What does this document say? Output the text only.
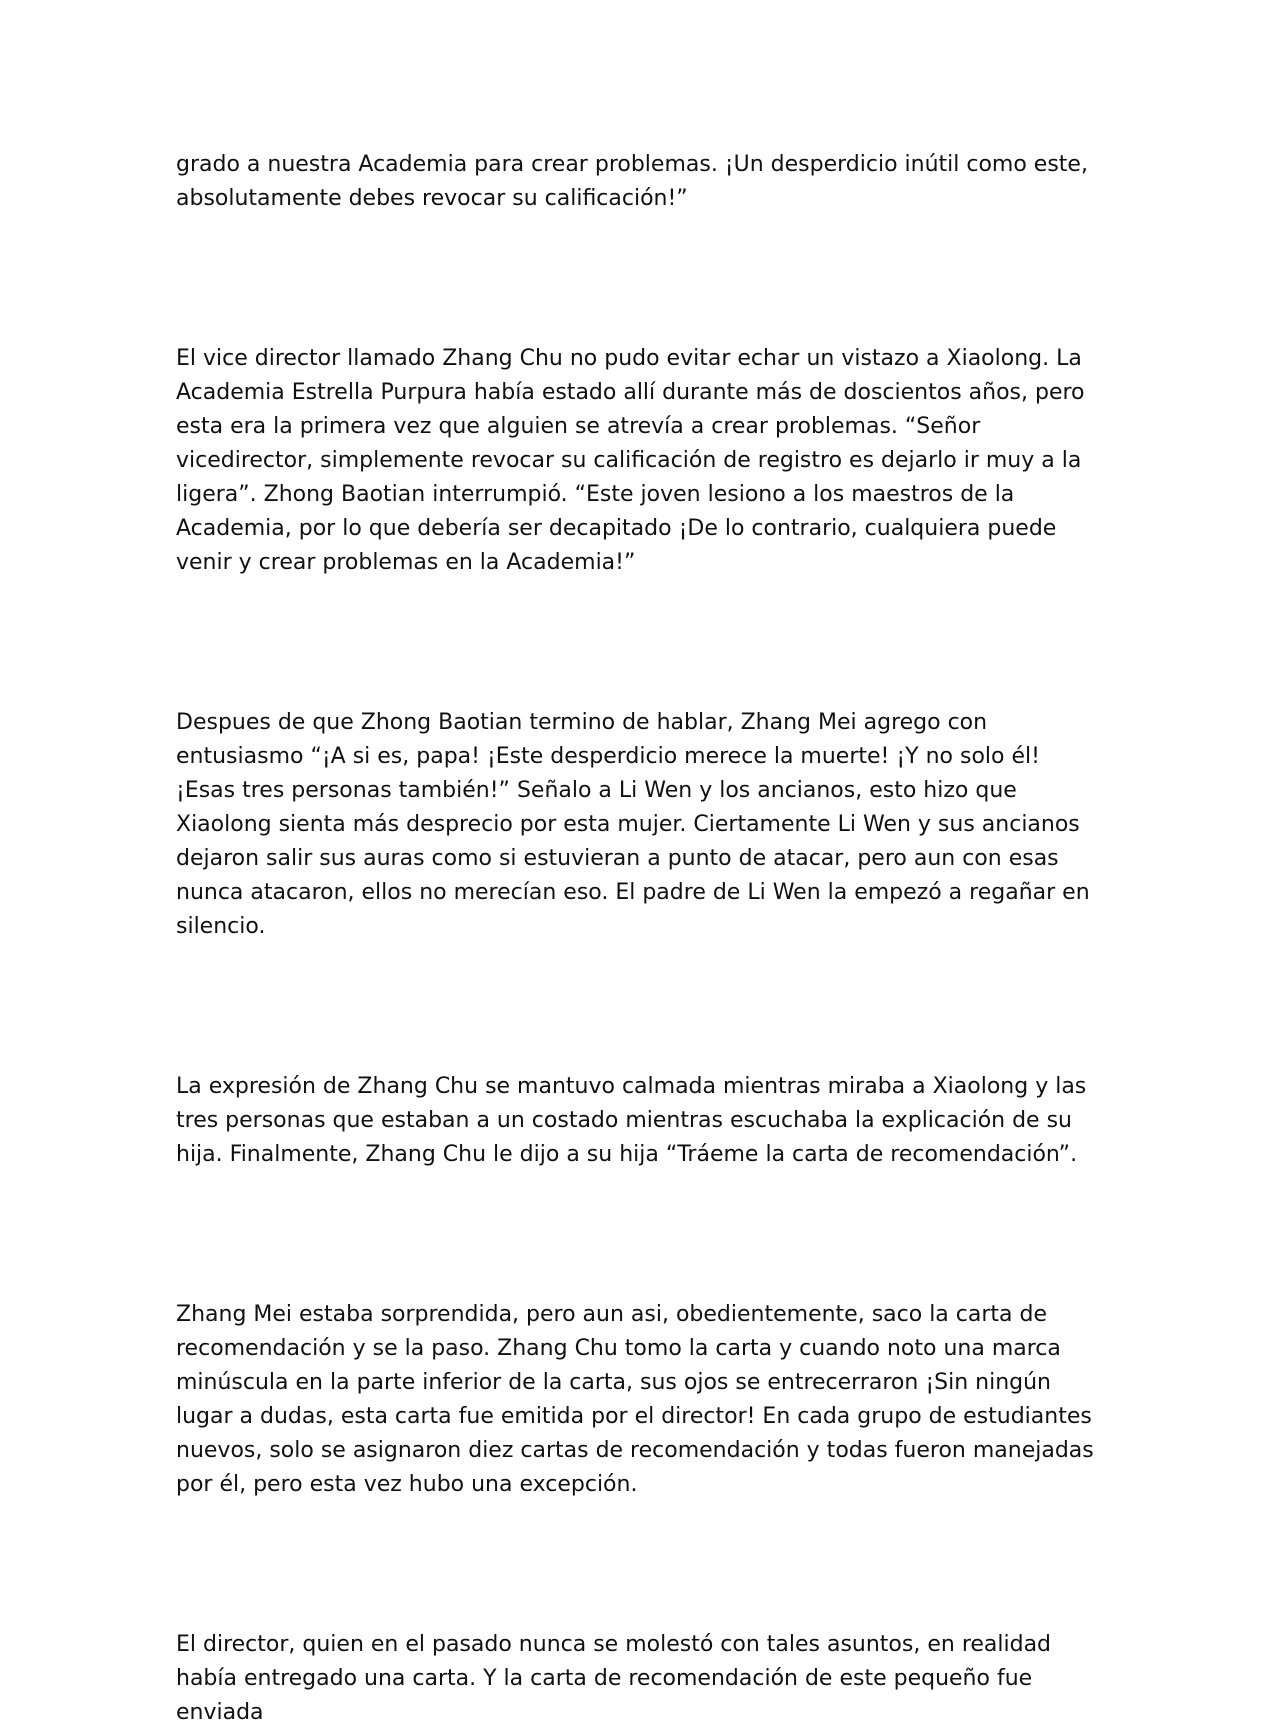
grado a nuestra Academia para crear problemas. ¡Un desperdicio inútil como este, absolutamente debes revocar su calificación!”

El vice director llamado Zhang Chu no pudo evitar echar un vistazo a Xiaolong. La Academia Estrella Purpura había estado allí durante más de doscientos años, pero esta era la primera vez que alguien se atrevía a crear problemas. “Señor vicedirector, simplemente revocar su calificación de registro es dejarlo ir muy a la ligera”. Zhong Baotian interrumpió. “Este joven lesiono a los maestros de la Academia, por lo que debería ser decapitado ¡De lo contrario, cualquiera puede venir y crear problemas en la Academia!”

Despues de que Zhong Baotian termino de hablar, Zhang Mei agrego con entusiasmo “¡A si es, papa! ¡Este desperdicio merece la muerte! ¡Y no solo él! ¡Esas tres personas también!” Señalo a Li Wen y los ancianos, esto hizo que Xiaolong sienta más desprecio por esta mujer. Ciertamente Li Wen y sus ancianos dejaron salir sus auras como si estuvieran a punto de atacar, pero aun con esas nunca atacaron, ellos no merecían eso. El padre de Li Wen la empezó a regañar en silencio.

La expresión de Zhang Chu se mantuvo calmada mientras miraba a Xiaolong y las tres personas que estaban a un costado mientras escuchaba la explicación de su hija. Finalmente, Zhang Chu le dijo a su hija “Tráeme la carta de recomendación”.

Zhang Mei estaba sorprendida, pero aun asi, obedientemente, saco la carta de recomendación y se la paso. Zhang Chu tomo la carta y cuando noto una marca minúscula en la parte inferior de la carta, sus ojos se entrecerraron ¡Sin ningún lugar a dudas, esta carta fue emitida por el director! En cada grupo de estudiantes nuevos, solo se asignaron diez cartas de recomendación y todas fueron manejadas por él, pero esta vez hubo una excepción.

El director, quien en el pasado nunca se molestó con tales asuntos, en realidad había entregado una carta. Y la carta de recomendación de este pequeño fue enviada
